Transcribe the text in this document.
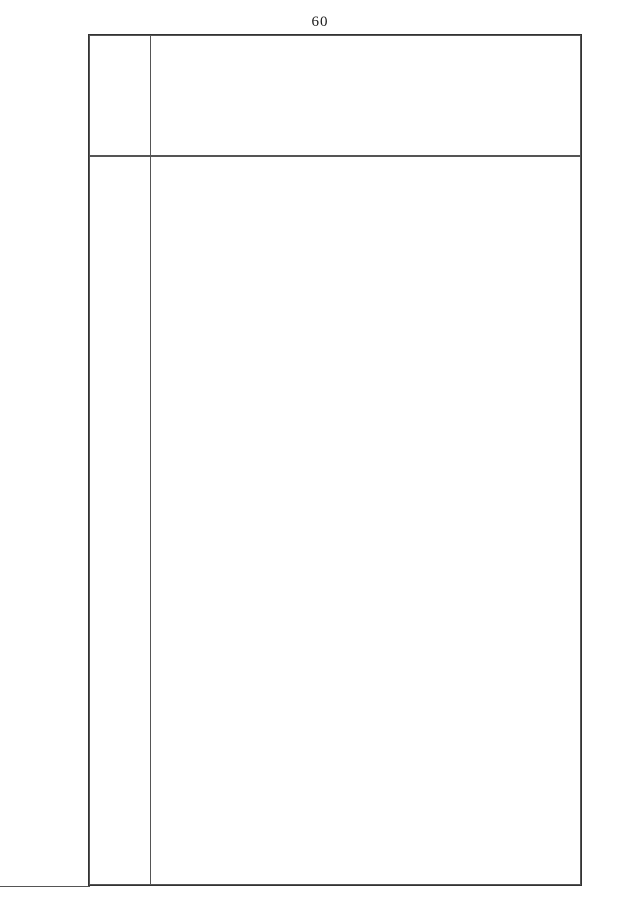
60
